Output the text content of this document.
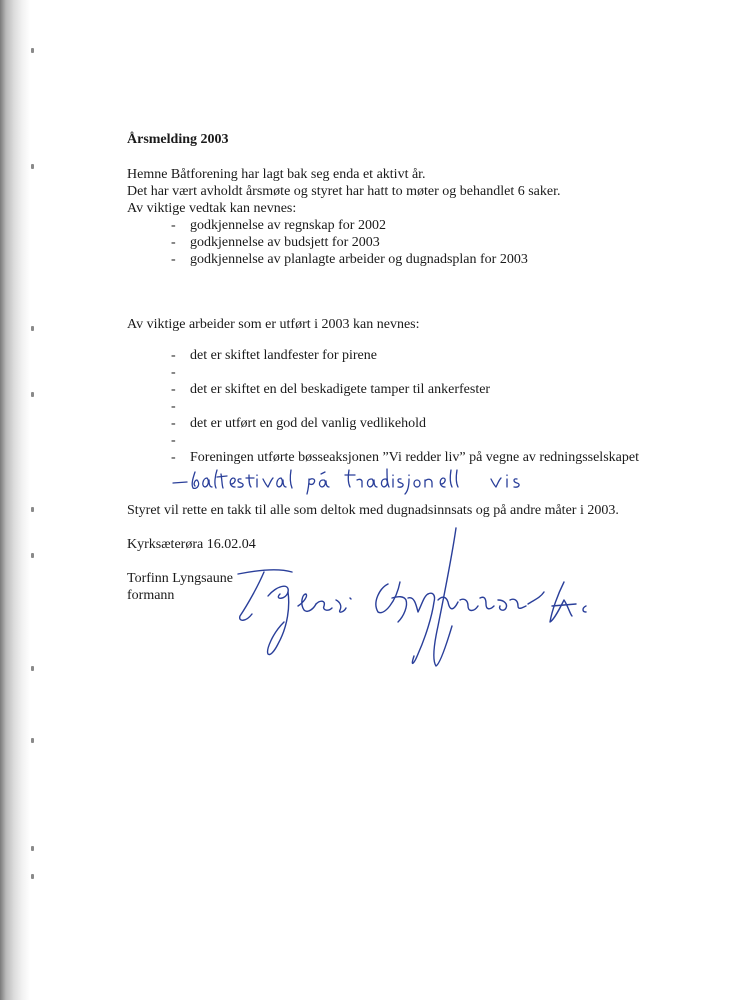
Årsmelding 2003

Hemne Båtforening har lagt bak seg enda et aktivt år.

Det har vært avholdt årsmøte og styret har hatt to møter og behandlet 6 saker.

Av viktige vedtak kan nevnes:

- godkjennelse av regnskap for 2002
- godkjennelse av budsjett for 2003
- godkjennelse av planlagte arbeider og dugnadsplan for 2003

Av viktige arbeider som er utført i 2003 kan nevnes:

- det er skiftet landfester for pirene
-
- det er skiftet en del beskadigete tamper til ankerfester
-
- det er utført en god del vanlig vedlikehold
-
- Foreningen utførte bøsseaksjonen ”Vi redder liv” på vegne av redningsselskapet

Styret vil rette en takk til alle som deltok med dugnadsinnsats og på andre måter i 2003.

Kyrksæterøra 16.02.04

Torfinn Lyngsaune

formann
